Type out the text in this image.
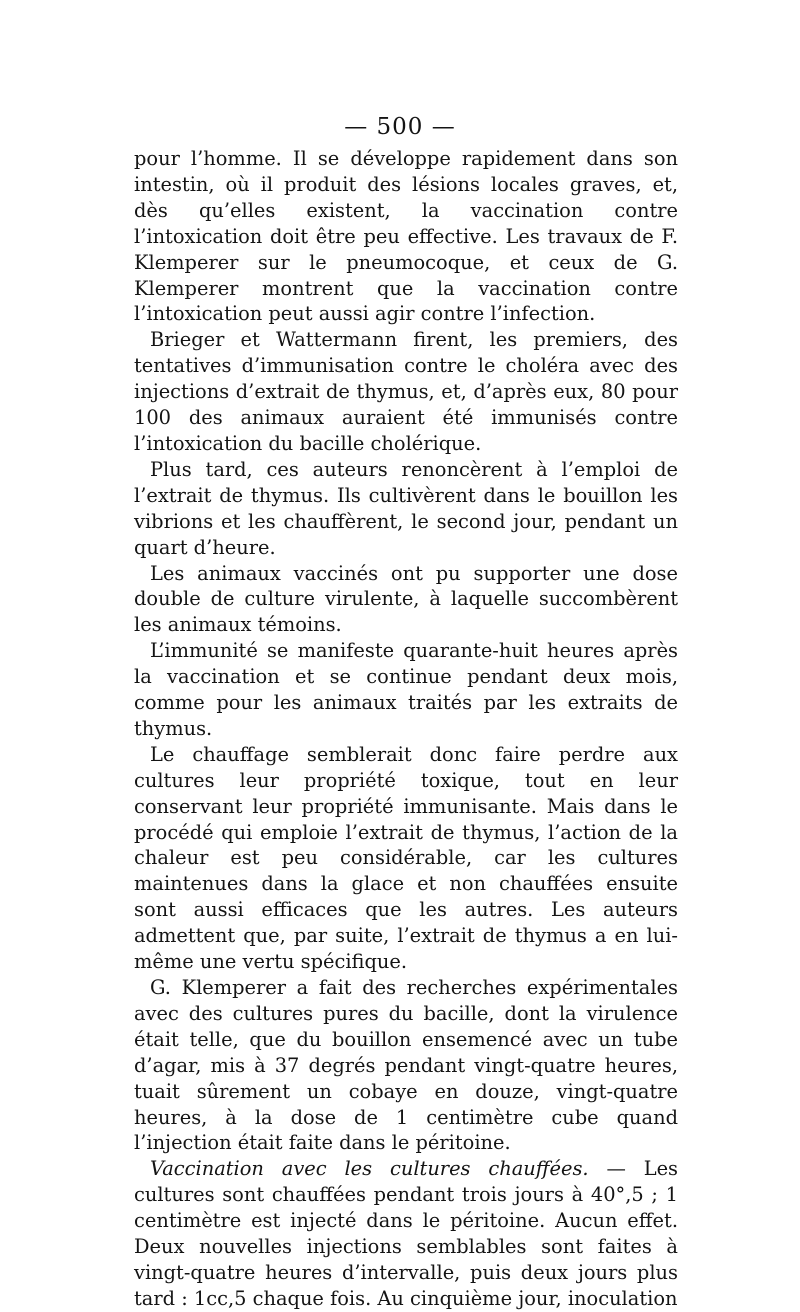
— 500 —

pour l’homme. Il se développe rapidement dans son intestin, où il produit des lésions locales graves, et, dès qu’elles existent, la vaccination contre l’intoxication doit être peu effective. Les travaux de F. Klemperer sur le pneumocoque, et ceux de G. Klemperer montrent que la vaccination contre l’intoxication peut aussi agir contre l’infection.

Brieger et Wattermann firent, les premiers, des tentatives d’immunisation contre le choléra avec des injections d’extrait de thymus, et, d’après eux, 80 pour 100 des animaux auraient été immunisés contre l’intoxication du bacille cholérique.

Plus tard, ces auteurs renoncèrent à l’emploi de l’extrait de thymus. Ils cultivèrent dans le bouillon les vibrions et les chauffèrent, le second jour, pendant un quart d’heure.

Les animaux vaccinés ont pu supporter une dose double de culture virulente, à laquelle succombèrent les animaux témoins.

L’immunité se manifeste quarante-huit heures après la vaccination et se continue pendant deux mois, comme pour les animaux traités par les extraits de thymus.

Le chauffage semblerait donc faire perdre aux cultures leur propriété toxique, tout en leur conservant leur propriété immunisante. Mais dans le procédé qui emploie l’extrait de thymus, l’action de la chaleur est peu considérable, car les cultures maintenues dans la glace et non chauffées ensuite sont aussi efficaces que les autres. Les auteurs admettent que, par suite, l’extrait de thymus a en lui-même une vertu spécifique.

G. Klemperer a fait des recherches expérimentales avec des cultures pures du bacille, dont la virulence était telle, que du bouillon ensemencé avec un tube d’agar, mis à 37 degrés pendant vingt-quatre heures, tuait sûrement un cobaye en douze, vingt-quatre heures, à la dose de 1 centimètre cube quand l’injection était faite dans le péritoine.

Vaccination avec les cultures chauffées. — Les cultures sont chauffées pendant trois jours à 40°,5 ; 1 centimètre est injecté dans le péritoine. Aucun effet. Deux nouvelles injections semblables sont faites à vingt-quatre heures d’intervalle, puis deux jours plus tard : 1cc,5 chaque fois. Au cinquième jour, inoculation
